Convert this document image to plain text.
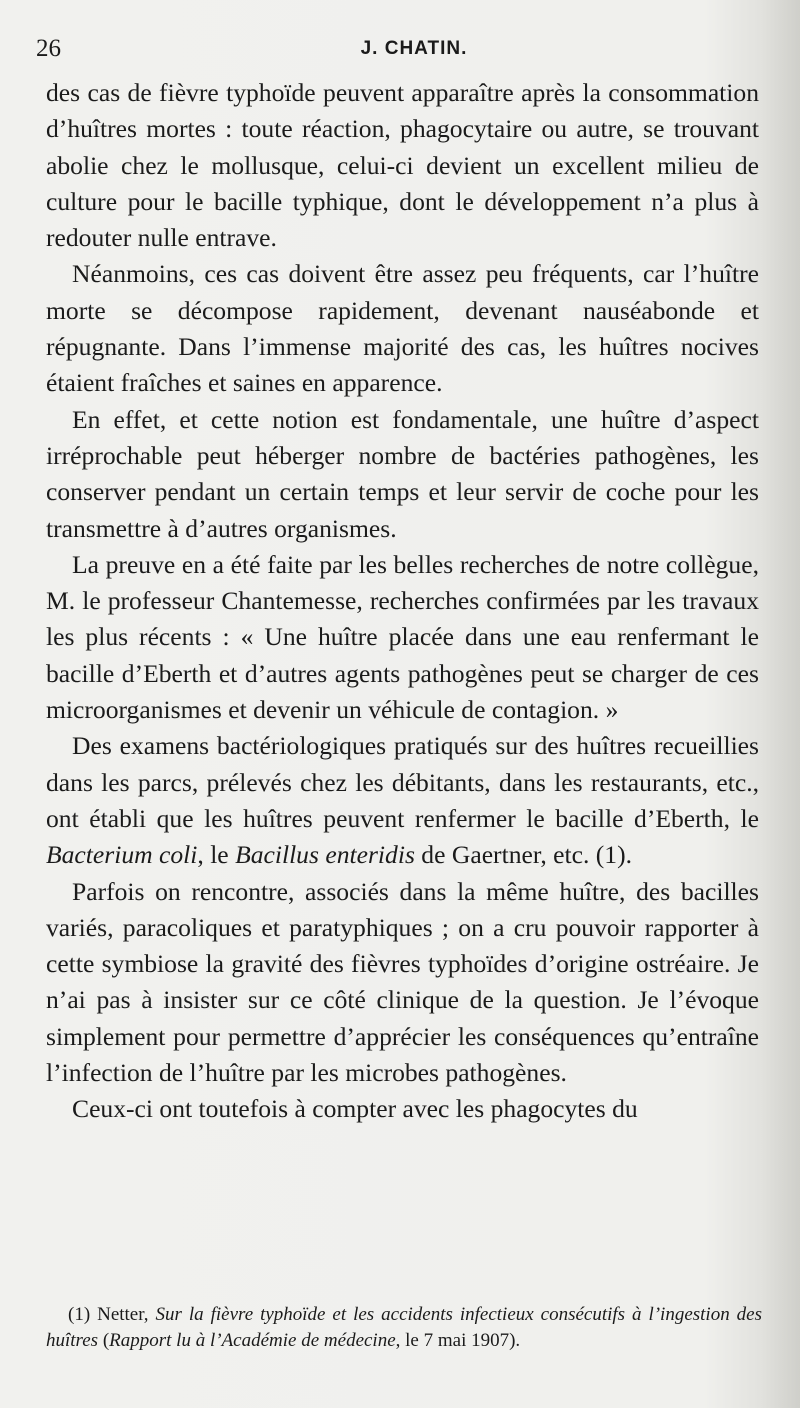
26	J. CHATIN.

des cas de fièvre typhoïde peuvent apparaître après la consommation d’huîtres mortes : toute réaction, phagocytaire ou autre, se trouvant abolie chez le mollusque, celui-ci devient un excellent milieu de culture pour le bacille typhique, dont le développement n’a plus à redouter nulle entrave.

Néanmoins, ces cas doivent être assez peu fréquents, car l’huître morte se décompose rapidement, devenant nauséabonde et répugnante. Dans l’immense majorité des cas, les huîtres nocives étaient fraîches et saines en apparence.

En effet, et cette notion est fondamentale, une huître d’aspect irréprochable peut héberger nombre de bactéries pathogènes, les conserver pendant un certain temps et leur servir de coche pour les transmettre à d’autres organismes.

La preuve en a été faite par les belles recherches de notre collègue, M. le professeur Chantemesse, recherches confirmées par les travaux les plus récents : « Une huître placée dans une eau renfermant le bacille d’Eberth et d’autres agents pathogènes peut se charger de ces microorganismes et devenir un véhicule de contagion. »

Des examens bactériologiques pratiqués sur des huîtres recueillies dans les parcs, prélevés chez les débitants, dans les restaurants, etc., ont établi que les huîtres peuvent renfermer le bacille d’Eberth, le Bacterium coli, le Bacillus enteridis de Gaertner, etc. (1).

Parfois on rencontre, associés dans la même huître, des bacilles variés, paracoliques et paratyphiques ; on a cru pouvoir rapporter à cette symbiose la gravité des fièvres typhoïdes d’origine ostréaire. Je n’ai pas à insister sur ce côté clinique de la question. Je l’évoque simplement pour permettre d’apprécier les conséquences qu’entraîne l’infection de l’huître par les microbes pathogènes.

Ceux-ci ont toutefois à compter avec les phagocytes du

(1) Netter, Sur la fièvre typhoïde et les accidents infectieux consécutifs à l’ingestion des huîtres (Rapport lu à l’Académie de médecine, le 7 mai 1907).
